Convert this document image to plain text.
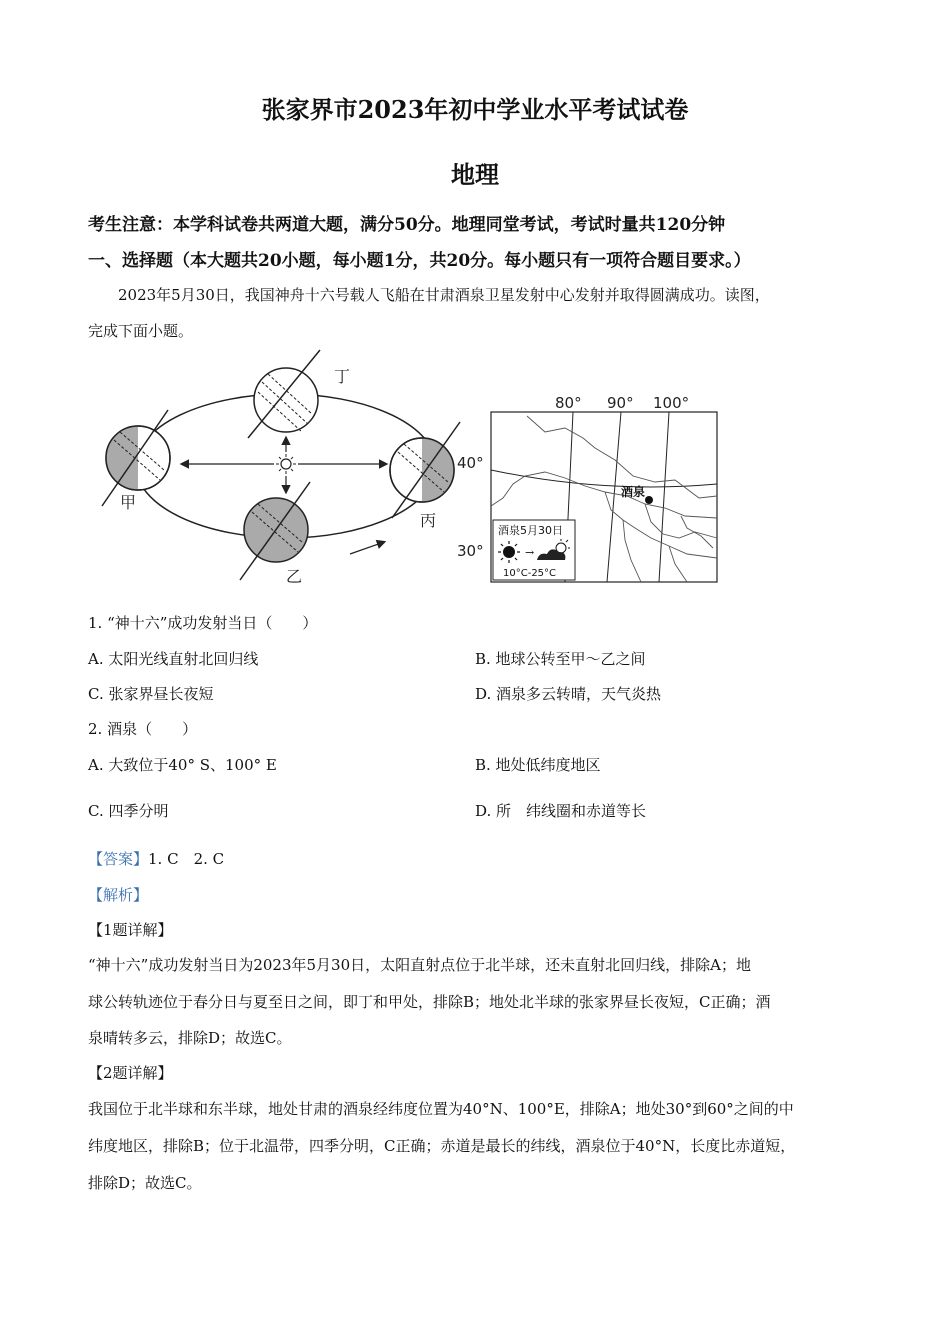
张家界市2023年初中学业水平考试试卷
地理
考生注意：本学科试卷共两道大题，满分50分。地理同堂考试，考试时量共120分钟
一、选择题（本大题共20小题，每小题1分，共20分。每小题只有一项符合题目要求。）
2023年5月30日，我国神舟十六号载人飞船在甘肃酒泉卫星发射中心发射并取得圆满成功。读图，
完成下面小题。
丁
甲
丙
乙
80° 90° 100°
40°
30°
酒泉
酒泉5月30日
→
10°C-25°C
1. “神十六”成功发射当日（　　）
A. 太阳光线直射北回归线	B. 地球公转至甲～乙之间
C. 张家界昼长夜短	D. 酒泉多云转晴，天气炎热
2. 酒泉（　　）
A. 大致位于40° S、100° E	B. 地处低纬度地区
C. 四季分明	D. 所　纬线圈和赤道等长
【答案】1. C　2. C
【解析】
【1题详解】
“神十六”成功发射当日为2023年5月30日，太阳直射点位于北半球，还未直射北回归线，排除A；地
球公转轨迹位于春分日与夏至日之间，即丁和甲处，排除B；地处北半球的张家界昼长夜短，C正确；酒
泉晴转多云，排除D；故选C。
【2题详解】
我国位于北半球和东半球，地处甘肃的酒泉经纬度位置为40°N、100°E，排除A；地处30°到60°之间的中
纬度地区，排除B；位于北温带，四季分明，C正确；赤道是最长的纬线，酒泉位于40°N，长度比赤道短，
排除D；故选C。
